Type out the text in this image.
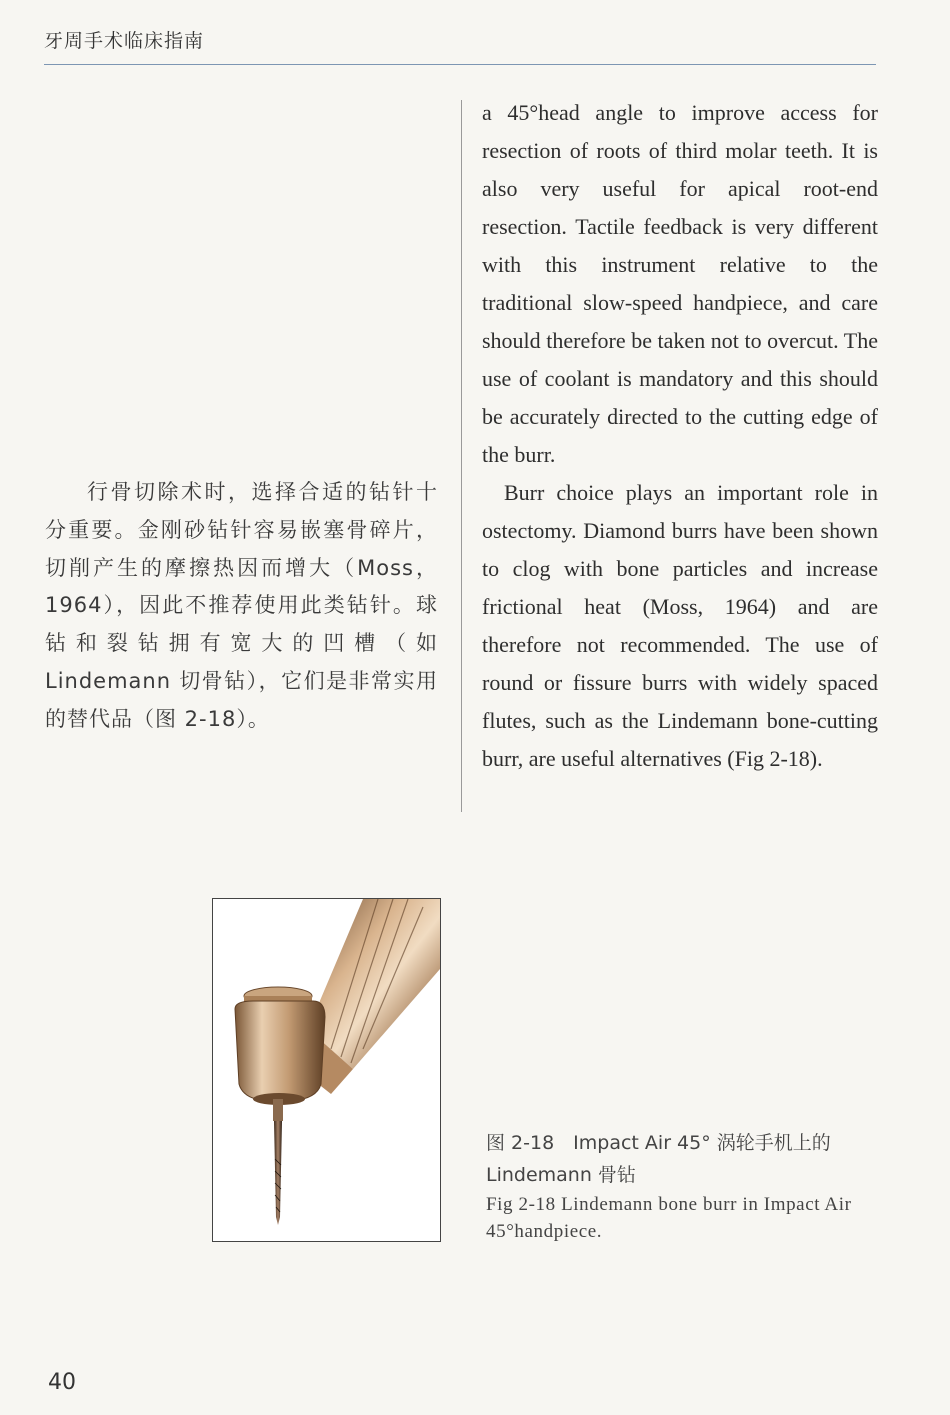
牙周手术临床指南

行骨切除术时，选择合适的钻针十分重要。金刚砂钻针容易嵌塞骨碎片，切削产生的摩擦热因而增大（Moss，1964），因此不推荐使用此类钻针。球钻和裂钻拥有宽大的凹槽（如 Lindemann 切骨钻），它们是非常实用的替代品（图 2-18）。

a 45°head angle to improve access for resection of roots of third molar teeth. It is also very useful for apical root-end resection. Tactile feedback is very different with this instrument relative to the traditional slow-speed handpiece, and care should therefore be taken not to overcut. The use of coolant is mandatory and this should be accurately directed to the cutting edge of the burr.

Burr choice plays an important role in ostectomy. Diamond burrs have been shown to clog with bone particles and increase frictional heat (Moss, 1964) and are therefore not recommended. The use of round or fissure burrs with widely spaced flutes, such as the Lindemann bone-cutting burr, are useful alternatives (Fig 2-18).

图 2-18　Impact Air 45° 涡轮手机上的 Lindemann 骨钻

Fig 2-18 Lindemann bone burr in Impact Air 45°handpiece.

40
